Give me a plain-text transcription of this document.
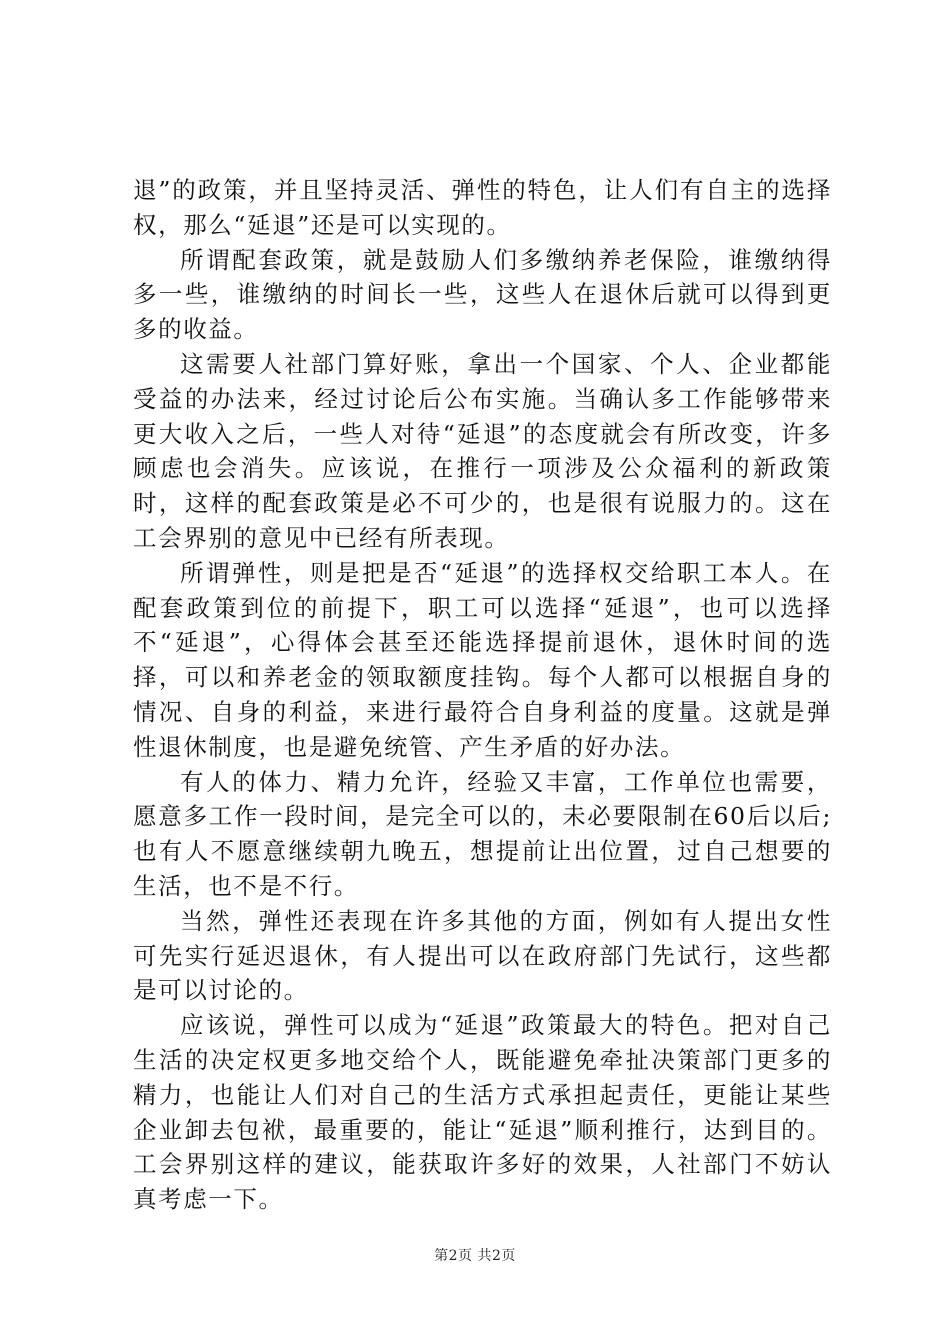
退”的政策，并且坚持灵活、弹性的特色，让人们有自主的选择权，那么“延退”还是可以实现的。

所谓配套政策，就是鼓励人们多缴纳养老保险，谁缴纳得多一些，谁缴纳的时间长一些，这些人在退休后就可以得到更多的收益。

这需要人社部门算好账，拿出一个国家、个人、企业都能受益的办法来，经过讨论后公布实施。当确认多工作能够带来更大收入之后，一些人对待“延退”的态度就会有所改变，许多顾虑也会消失。应该说，在推行一项涉及公众福利的新政策时，这样的配套政策是必不可少的，也是很有说服力的。这在工会界别的意见中已经有所表现。

所谓弹性，则是把是否“延退”的选择权交给职工本人。在配套政策到位的前提下，职工可以选择“延退”，也可以选择不“延退”，心得体会甚至还能选择提前退休，退休时间的选择，可以和养老金的领取额度挂钩。每个人都可以根据自身的情况、自身的利益，来进行最符合自身利益的度量。这就是弹性退休制度，也是避免统管、产生矛盾的好办法。

有人的体力、精力允许，经验又丰富，工作单位也需要，愿意多工作一段时间，是完全可以的，未必要限制在60后以后;也有人不愿意继续朝九晚五，想提前让出位置，过自己想要的生活，也不是不行。

当然，弹性还表现在许多其他的方面，例如有人提出女性可先实行延迟退休，有人提出可以在政府部门先试行，这些都是可以讨论的。

应该说，弹性可以成为“延退”政策最大的特色。把对自己生活的决定权更多地交给个人，既能避免牵扯决策部门更多的精力，也能让人们对自己的生活方式承担起责任，更能让某些企业卸去包袱，最重要的，能让“延退”顺利推行，达到目的。工会界别这样的建议，能获取许多好的效果，人社部门不妨认真考虑一下。

第2页 共2页
